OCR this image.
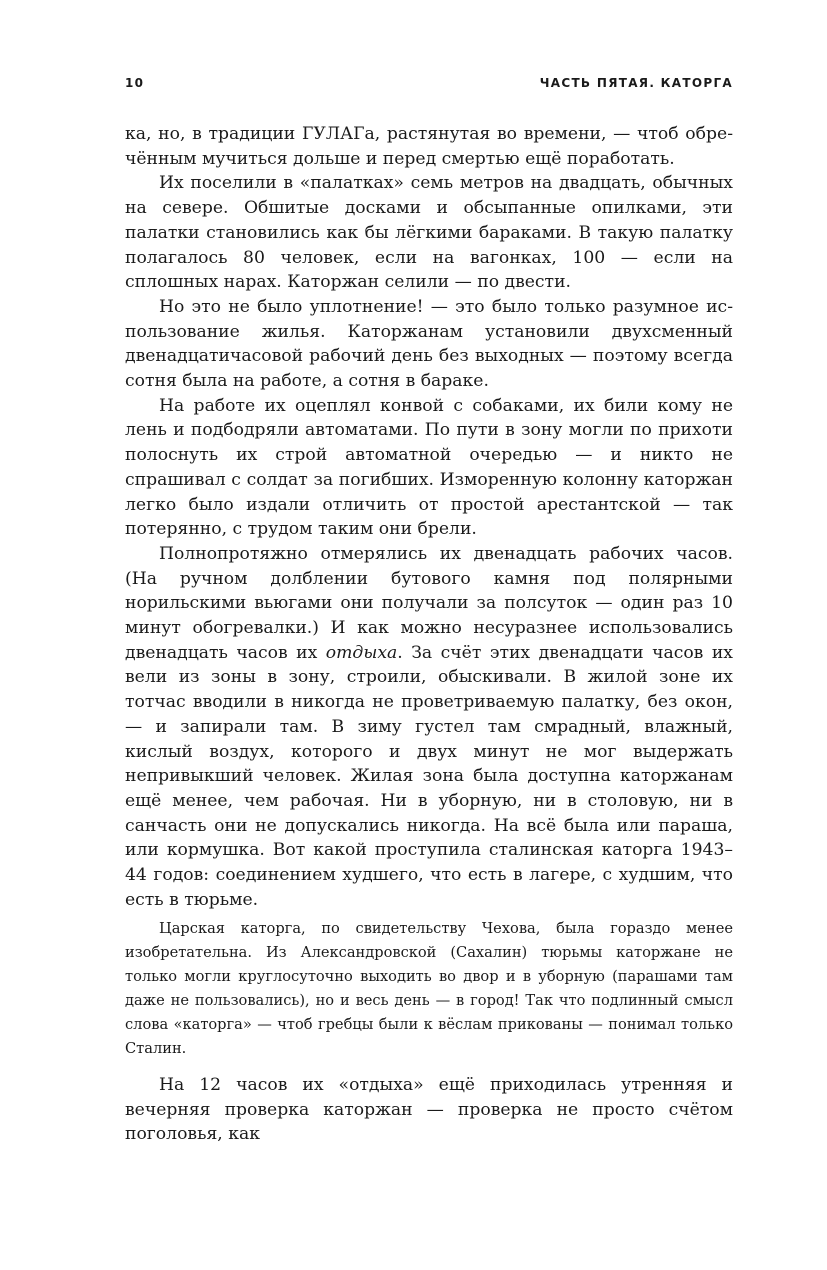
10	ЧАСТЬ ПЯТАЯ. КАТОРГА

ка, но, в традиции ГУЛАГа, растянутая во времени, — чтоб обречённым мучиться дольше и перед смертью ещё поработать.

Их поселили в «палатках» семь метров на двадцать, обычных на севере. Обшитые досками и обсыпанные опилками, эти палатки становились как бы лёгкими бараками. В такую палатку полагалось 80 человек, если на вагонках, 100 — если на сплошных нарах. Каторжан селили — по двести.

Но это не было уплотнение! — это было только разумное использование жилья. Каторжанам установили двухсменный двенадцатичасовой рабочий день без выходных — поэтому всегда сотня была на работе, а сотня в бараке.

На работе их оцеплял конвой с собаками, их били кому не лень и подбодряли автоматами. По пути в зону могли по прихоти полоснуть их строй автоматной очередью — и никто не спрашивал с солдат за погибших. Изморенную колонну каторжан легко было издали отличить от простой арестантской — так потерянно, с трудом таким они брели.

Полнопротяжно отмерялись их двенадцать рабочих часов. (На ручном долблении бутового камня под полярными норильскими вьюгами они получали за полсуток — один раз 10 минут обогревалки.) И как можно несуразнее использовались двенадцать часов их отдыха. За счёт этих двенадцати часов их вели из зоны в зону, строили, обыскивали. В жилой зоне их тотчас вводили в никогда не проветриваемую палатку, без окон, — и запирали там. В зиму густел там смрадный, влажный, кислый воздух, которого и двух минут не мог выдержать непривыкший человек. Жилая зона была доступна каторжанам ещё менее, чем рабочая. Ни в уборную, ни в столовую, ни в санчасть они не допускались никогда. На всё была или параша, или кормушка. Вот какой проступила сталинская каторга 1943–44 годов: соединением худшего, что есть в лагере, с худшим, что есть в тюрьме.

Царская каторга, по свидетельству Чехова, была гораздо менее изобретательна. Из Александровской (Сахалин) тюрьмы каторжане не только могли круглосуточно выходить во двор и в уборную (парашами там даже не пользовались), но и весь день — в город! Так что подлинный смысл слова «каторга» — чтоб гребцы были к вёслам прикованы — понимал только Сталин.

На 12 часов их «отдыха» ещё приходилась утренняя и вечерняя проверка каторжан — проверка не просто счётом поголовья, как
